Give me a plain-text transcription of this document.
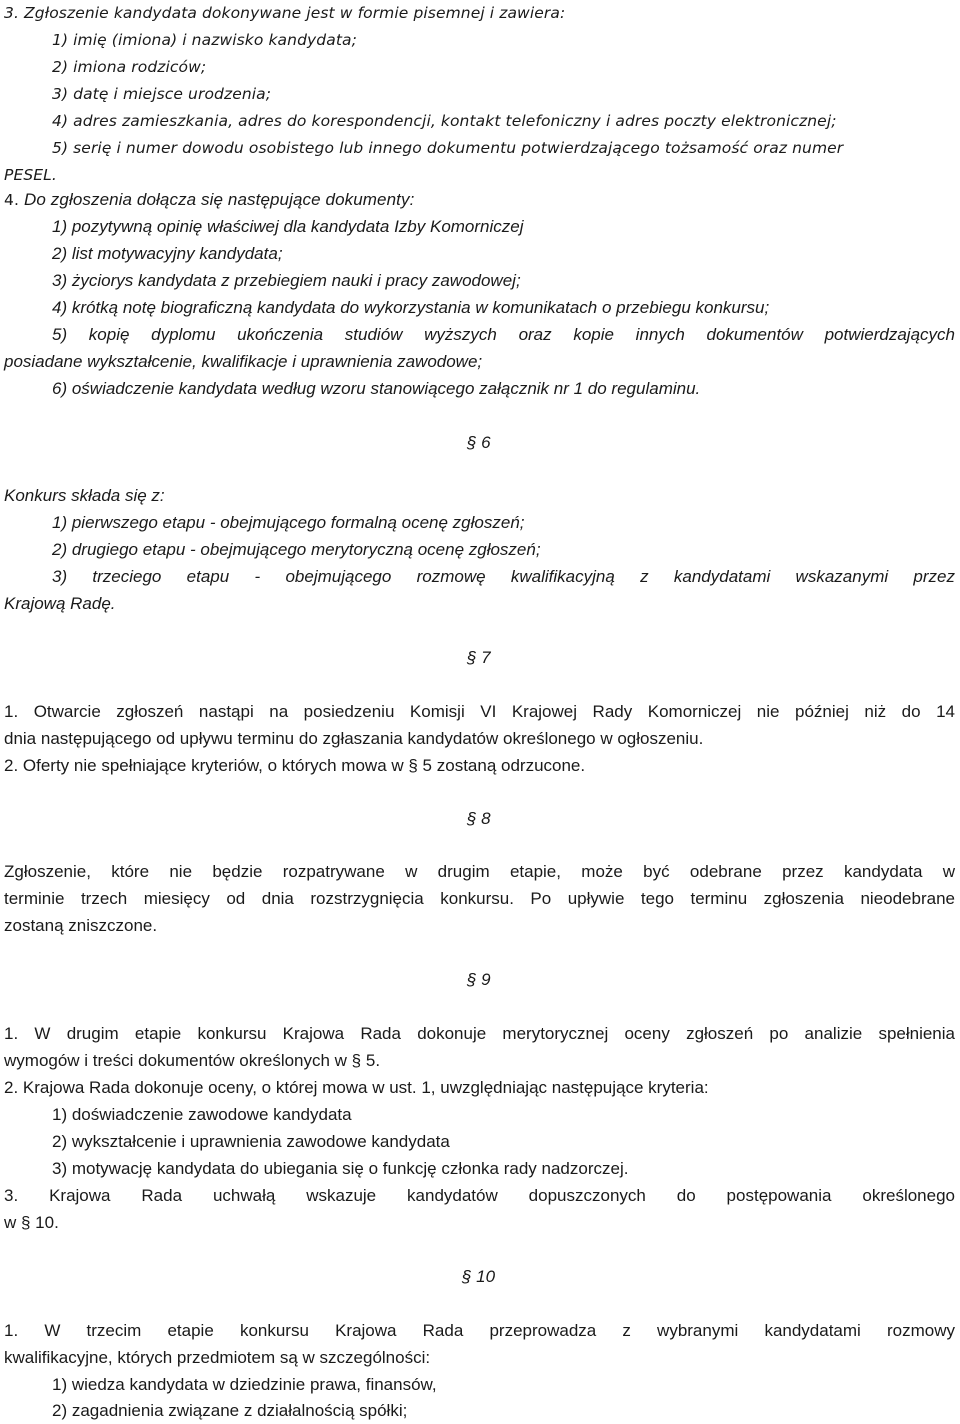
3. Zgłoszenie kandydata dokonywane jest w formie pisemnej i zawiera:
1) imię (imiona) i nazwisko kandydata;
2) imiona rodziców;
3) datę i miejsce urodzenia;
4) adres zamieszkania, adres do korespondencji, kontakt telefoniczny i adres poczty elektronicznej;
5) serię i numer dowodu osobistego lub innego dokumentu potwierdzającego tożsamość oraz numer
PESEL.
4. Do zgłoszenia dołącza się następujące dokumenty:
1) pozytywną opinię właściwej dla kandydata Izby Komorniczej
2) list motywacyjny kandydata;
3) życiorys kandydata z przebiegiem nauki i pracy zawodowej;
4) krótką notę biograficzną kandydata do wykorzystania w komunikatach o przebiegu konkursu;
5) kopię dyplomu ukończenia studiów wyższych oraz kopie innych dokumentów potwierdzających
posiadane wykształcenie, kwalifikacje i uprawnienia zawodowe;
6) oświadczenie kandydata według wzoru stanowiącego załącznik nr 1 do regulaminu.
§ 6
Konkurs składa się z:
1) pierwszego etapu - obejmującego formalną ocenę zgłoszeń;
2) drugiego etapu - obejmującego merytoryczną ocenę zgłoszeń;
3) trzeciego etapu - obejmującego rozmowę kwalifikacyjną z kandydatami wskazanymi przez
Krajową Radę.
§ 7
1. Otwarcie zgłoszeń nastąpi na posiedzeniu Komisji VI Krajowej Rady Komorniczej nie później niż do 14
dnia następującego od upływu terminu do zgłaszania kandydatów określonego w ogłoszeniu.
2. Oferty nie spełniające kryteriów, o których mowa w § 5 zostaną odrzucone.
§ 8
Zgłoszenie, które nie będzie rozpatrywane w drugim etapie, może być odebrane przez kandydata w
terminie trzech miesięcy od dnia rozstrzygnięcia konkursu. Po upływie tego terminu zgłoszenia nieodebrane
zostaną zniszczone.
§ 9
1. W drugim etapie konkursu Krajowa Rada dokonuje merytorycznej oceny zgłoszeń po analizie spełnienia
wymogów i treści dokumentów określonych w § 5.
2. Krajowa Rada dokonuje oceny, o której mowa w ust. 1, uwzględniając następujące kryteria:
1) doświadczenie zawodowe kandydata
2) wykształcenie i uprawnienia zawodowe kandydata
3) motywację kandydata do ubiegania się o funkcję członka rady nadzorczej.
3. Krajowa Rada uchwałą wskazuje kandydatów dopuszczonych do postępowania określonego
w § 10.
§ 10
1. W trzecim etapie konkursu Krajowa Rada przeprowadza z wybranymi kandydatami rozmowy
kwalifikacyjne, których przedmiotem są w szczególności:
1) wiedza kandydata w dziedzinie prawa, finansów,
2) zagadnienia związane z działalnością spółki;
